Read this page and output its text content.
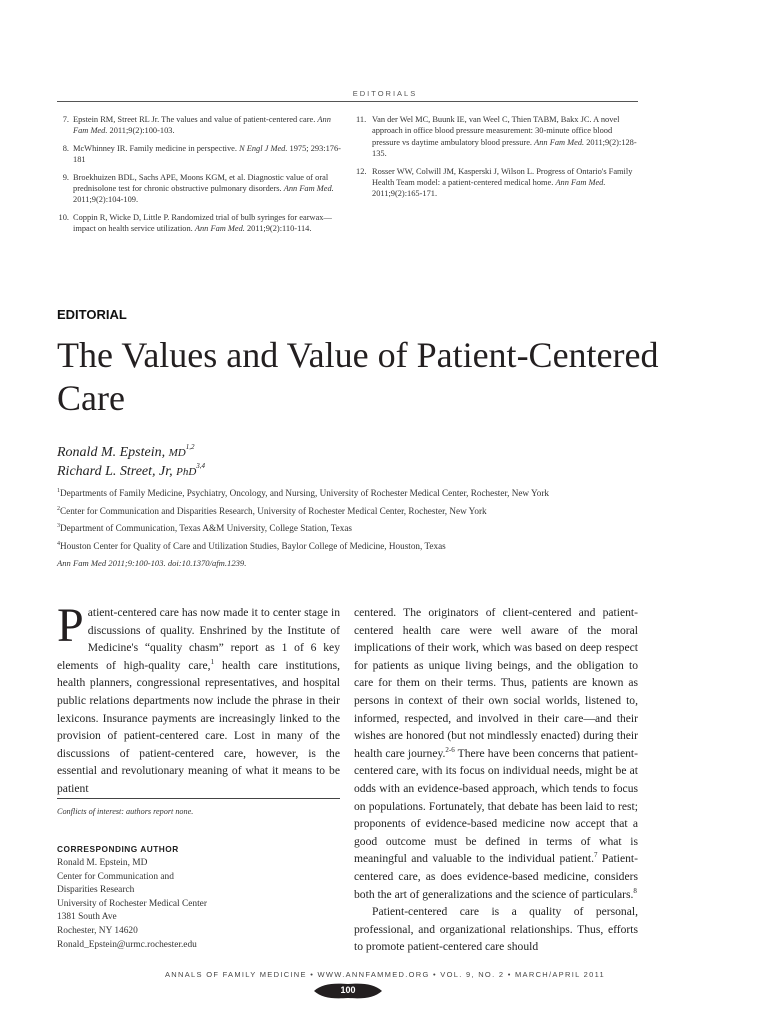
EDITORIALS
7. Epstein RM, Street RL Jr. The values and value of patient-centered care. Ann Fam Med. 2011;9(2):100-103.
8. McWhinney IR. Family medicine in perspective. N Engl J Med. 1975; 293:176-181
9. Broekhuizen BDL, Sachs APE, Moons KGM, et al. Diagnostic value of oral prednisolone test for chronic obstructive pulmonary disorders. Ann Fam Med. 2011;9(2):104-109.
10. Coppin R, Wicke D, Little P. Randomized trial of bulb syringes for earwax—impact on health service utilization. Ann Fam Med. 2011;9(2):110-114.
11. Van der Wel MC, Buunk IE, van Weel C, Thien TABM, Bakx JC. A novel approach in office blood pressure measurement: 30-minute office blood pressure vs daytime ambulatory blood pressure. Ann Fam Med. 2011;9(2):128-135.
12. Rosser WW, Colwill JM, Kasperski J, Wilson L. Progress of Ontario's Family Health Team model: a patient-centered medical home. Ann Fam Med. 2011;9(2):165-171.
EDITORIAL
The Values and Value of Patient-Centered Care
Ronald M. Epstein, MD$^{1,2}$
Richard L. Street, Jr, PhD$^{3,4}$
$^1$Departments of Family Medicine, Psychiatry, Oncology, and Nursing, University of Rochester Medical Center, Rochester, New York
$^2$Center for Communication and Disparities Research, University of Rochester Medical Center, Rochester, New York
$^3$Department of Communication, Texas A&M University, College Station, Texas
$^4$Houston Center for Quality of Care and Utilization Studies, Baylor College of Medicine, Houston, Texas
Ann Fam Med 2011;9:100-103. doi:10.1370/afm.1239.
Patient-centered care has now made it to center stage in discussions of quality. Enshrined by the Institute of Medicine's “quality chasm” report as 1 of 6 key elements of high-quality care,$^1$ health care institutions, health planners, congressional representatives, and hospital public relations departments now include the phrase in their lexicons. Insurance payments are increasingly linked to the provision of patient-centered care. Lost in many of the discussions of patient-centered care, however, is the essential and revolutionary meaning of what it means to be patient
Conflicts of interest: authors report none.
CORRESPONDING AUTHOR
Ronald M. Epstein, MD
Center for Communication and
Disparities Research
University of Rochester Medical Center
1381 South Ave
Rochester, NY 14620
Ronald_Epstein@urmc.rochester.edu
centered. The originators of client-centered and patient-centered health care were well aware of the moral implications of their work, which was based on deep respect for patients as unique living beings, and the obligation to care for them on their terms. Thus, patients are known as persons in context of their own social worlds, listened to, informed, respected, and involved in their care—and their wishes are honored (but not mindlessly enacted) during their health care journey.$^{2-6}$ There have been concerns that patient-centered care, with its focus on individual needs, might be at odds with an evidence-based approach, which tends to focus on populations. Fortunately, that debate has been laid to rest; proponents of evidence-based medicine now accept that a good outcome must be defined in terms of what is meaningful and valuable to the individual patient.$^7$ Patient-centered care, as does evidence-based medicine, considers both the art of generalizations and the science of particulars.$^8$
Patient-centered care is a quality of personal, professional, and organizational relationships. Thus, efforts to promote patient-centered care should
ANNALS OF FAMILY MEDICINE • WWW.ANNFAMMED.ORG • VOL. 9, NO. 2 • MARCH/APRIL 2011
100
